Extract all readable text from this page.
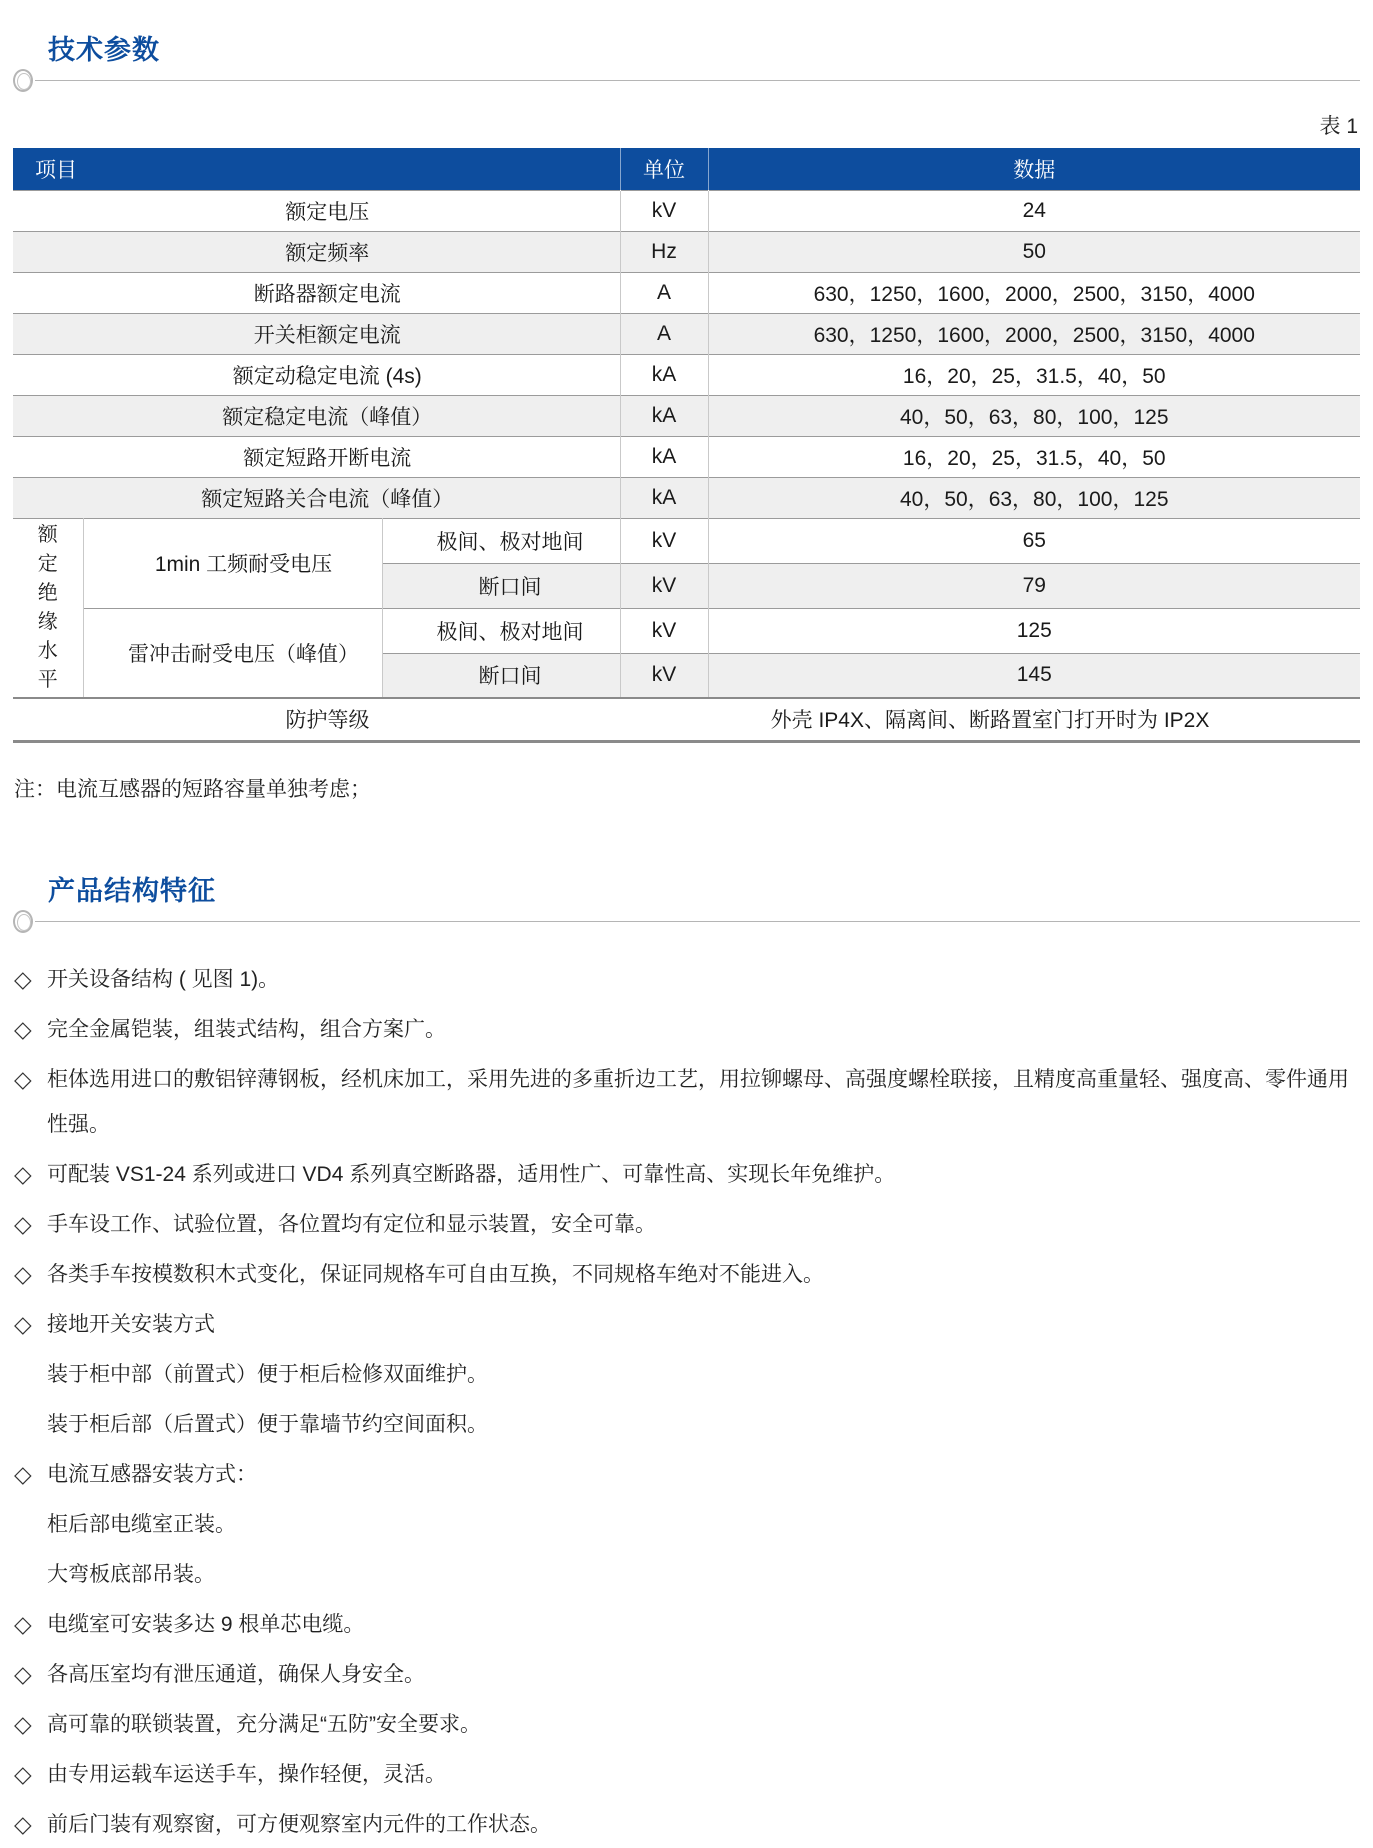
技术参数
表 1
项目			单位	数据
额定电压			kV	24
额定频率			Hz	50
断路器额定电流			A	630，1250，1600，2000，2500，3150，4000
开关柜额定电流			A	630，1250，1600，2000，2500，3150，4000
额定动稳定电流 (4s)			kA	16，20，25，31.5，40，50
额定稳定电流（峰值）			kA	40，50，63，80，100，125
额定短路开断电流			kA	16，20，25，31.5，40，50
额定短路关合电流（峰值）			kA	40，50，63，80，100，125
额定绝缘水平	1min 工频耐受电压	极间、极对地间	kV	65
		断口间	kV	79
	雷冲击耐受电压（峰值）	极间、极对地间	kV	125
		断口间	kV	145
防护等级			外壳 IP4X、隔离间、断路置室门打开时为 IP2X	
注：电流互感器的短路容量单独考虑；
产品结构特征
◇ 开关设备结构 ( 见图 1)。
◇ 完全金属铠装，组装式结构，组合方案广。
◇ 柜体选用进口的敷铝锌薄钢板，经机床加工，采用先进的多重折边工艺，用拉铆螺母、高强度螺栓联接，且精度高重量轻、强度高、零件通用性强。
◇ 可配装 VS1-24 系列或进口 VD4 系列真空断路器，适用性广、可靠性高、实现长年免维护。
◇ 手车设工作、试验位置，各位置均有定位和显示装置，安全可靠。
◇ 各类手车按模数积木式变化，保证同规格车可自由互换，不同规格车绝对不能进入。
◇ 接地开关安装方式
装于柜中部（前置式）便于柜后检修双面维护。
装于柜后部（后置式）便于靠墙节约空间面积。
◇ 电流互感器安装方式：
柜后部电缆室正装。
大弯板底部吊装。
◇ 电缆室可安装多达 9 根单芯电缆。
◇ 各高压室均有泄压通道，确保人身安全。
◇ 高可靠的联锁装置，充分满足“五防”安全要求。
◇ 由专用运载车运送手车，操作轻便，灵活。
◇ 前后门装有观察窗，可方便观察室内元件的工作状态。
